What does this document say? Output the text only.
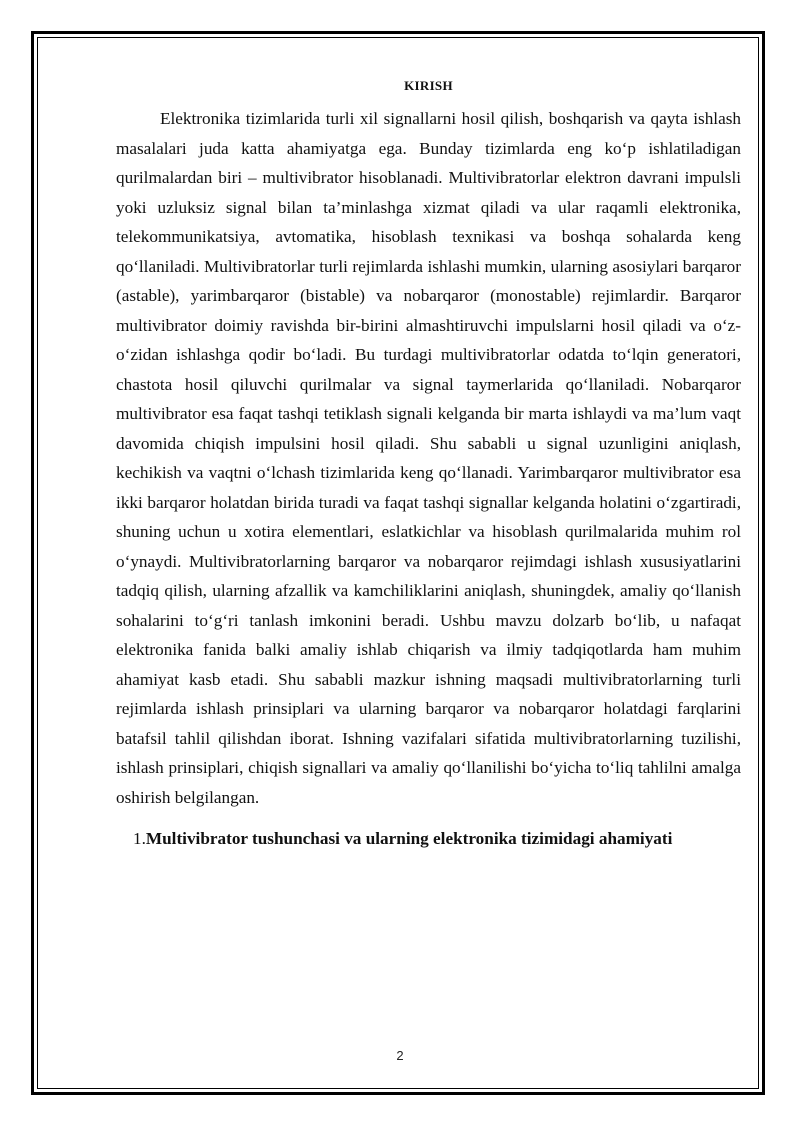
KIRISH

Elektronika tizimlarida turli xil signallarni hosil qilish, boshqarish va qayta ishlash masalalari juda katta ahamiyatga ega. Bunday tizimlarda eng ko‘p ishlatiladigan qurilmalardan biri – multivibrator hisoblanadi. Multivibratorlar elektron davrani impulsli yoki uzluksiz signal bilan ta’minlashga xizmat qiladi va ular raqamli elektronika, telekommunikatsiya, avtomatika, hisoblash texnikasi va boshqa sohalarda keng qo‘llaniladi. Multivibratorlar turli rejimlarda ishlashi mumkin, ularning asosiylari barqaror (astable), yarimbarqaror (bistable) va nobarqaror (monostable) rejimlardir. Barqaror multivibrator doimiy ravishda bir-birini almashtiruvchi impulslarni hosil qiladi va o‘z-o‘zidan ishlashga qodir bo‘ladi. Bu turdagi multivibratorlar odatda to‘lqin generatori, chastota hosil qiluvchi qurilmalar va signal taymerlarida qo‘llaniladi. Nobarqaror multivibrator esa faqat tashqi tetiklash signali kelganda bir marta ishlaydi va ma’lum vaqt davomida chiqish impulsini hosil qiladi. Shu sababli u signal uzunligini aniqlash, kechikish va vaqtni o‘lchash tizimlarida keng qo‘llanadi. Yarimbarqaror multivibrator esa ikki barqaror holatdan birida turadi va faqat tashqi signallar kelganda holatini o‘zgartiradi, shuning uchun u xotira elementlari, eslatkichlar va hisoblash qurilmalarida muhim rol o‘ynaydi. Multivibratorlarning barqaror va nobarqaror rejimdagi ishlash xususiyatlarini tadqiq qilish, ularning afzallik va kamchiliklarini aniqlash, shuningdek, amaliy qo‘llanish sohalarini to‘g‘ri tanlash imkonini beradi. Ushbu mavzu dolzarb bo‘lib, u nafaqat elektronika fanida balki amaliy ishlab chiqarish va ilmiy tadqiqotlarda ham muhim ahamiyat kasb etadi. Shu sababli mazkur ishning maqsadi multivibratorlarning turli rejimlarda ishlash prinsiplari va ularning barqaror va nobarqaror holatdagi farqlarini batafsil tahlil qilishdan iborat. Ishning vazifalari sifatida multivibratorlarning tuzilishi, ishlash prinsiplari, chiqish signallari va amaliy qo‘llanilishi bo‘yicha to‘liq tahlilni amalga oshirish belgilangan.

1.Multivibrator tushunchasi va ularning elektronika tizimidagi ahamiyati
2
